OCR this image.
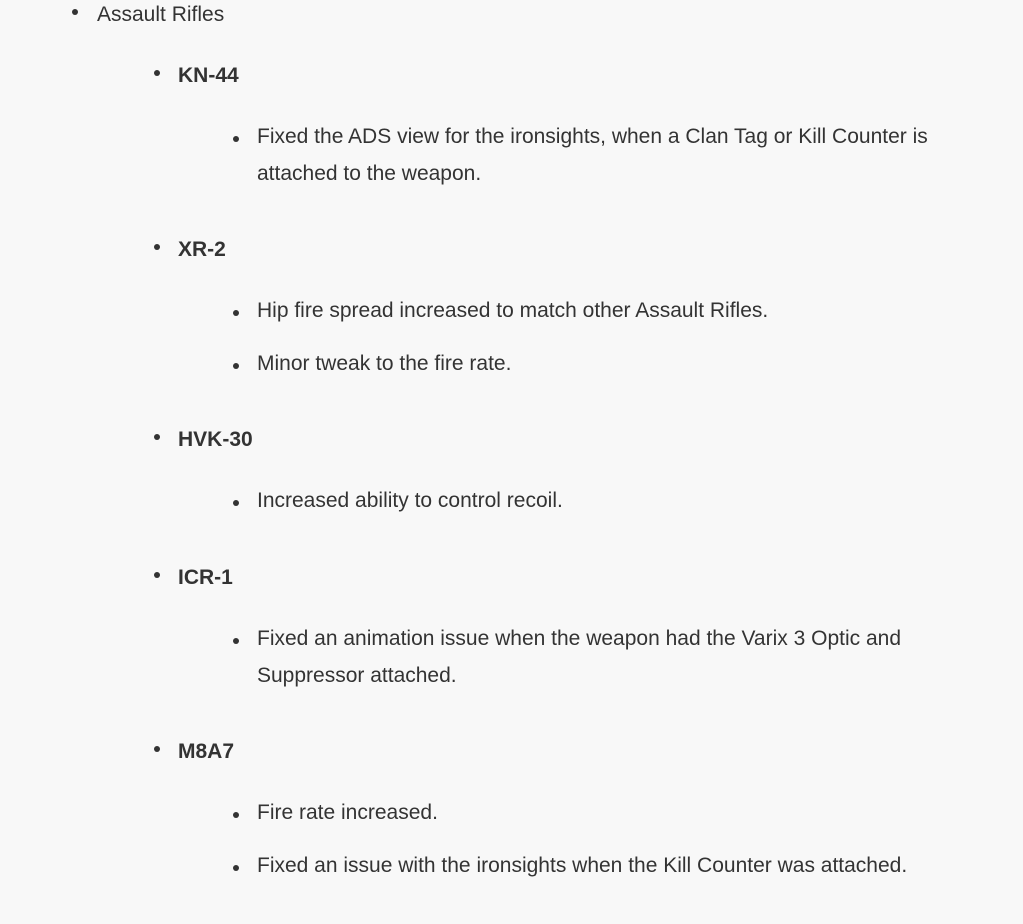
Assault Rifles
KN-44
Fixed the ADS view for the ironsights, when a Clan Tag or Kill Counter is attached to the weapon.
XR-2
Hip fire spread increased to match other Assault Rifles.
Minor tweak to the fire rate.
HVK-30
Increased ability to control recoil.
ICR-1
Fixed an animation issue when the weapon had the Varix 3 Optic and Suppressor attached.
M8A7
Fire rate increased.
Fixed an issue with the ironsights when the Kill Counter was attached.
